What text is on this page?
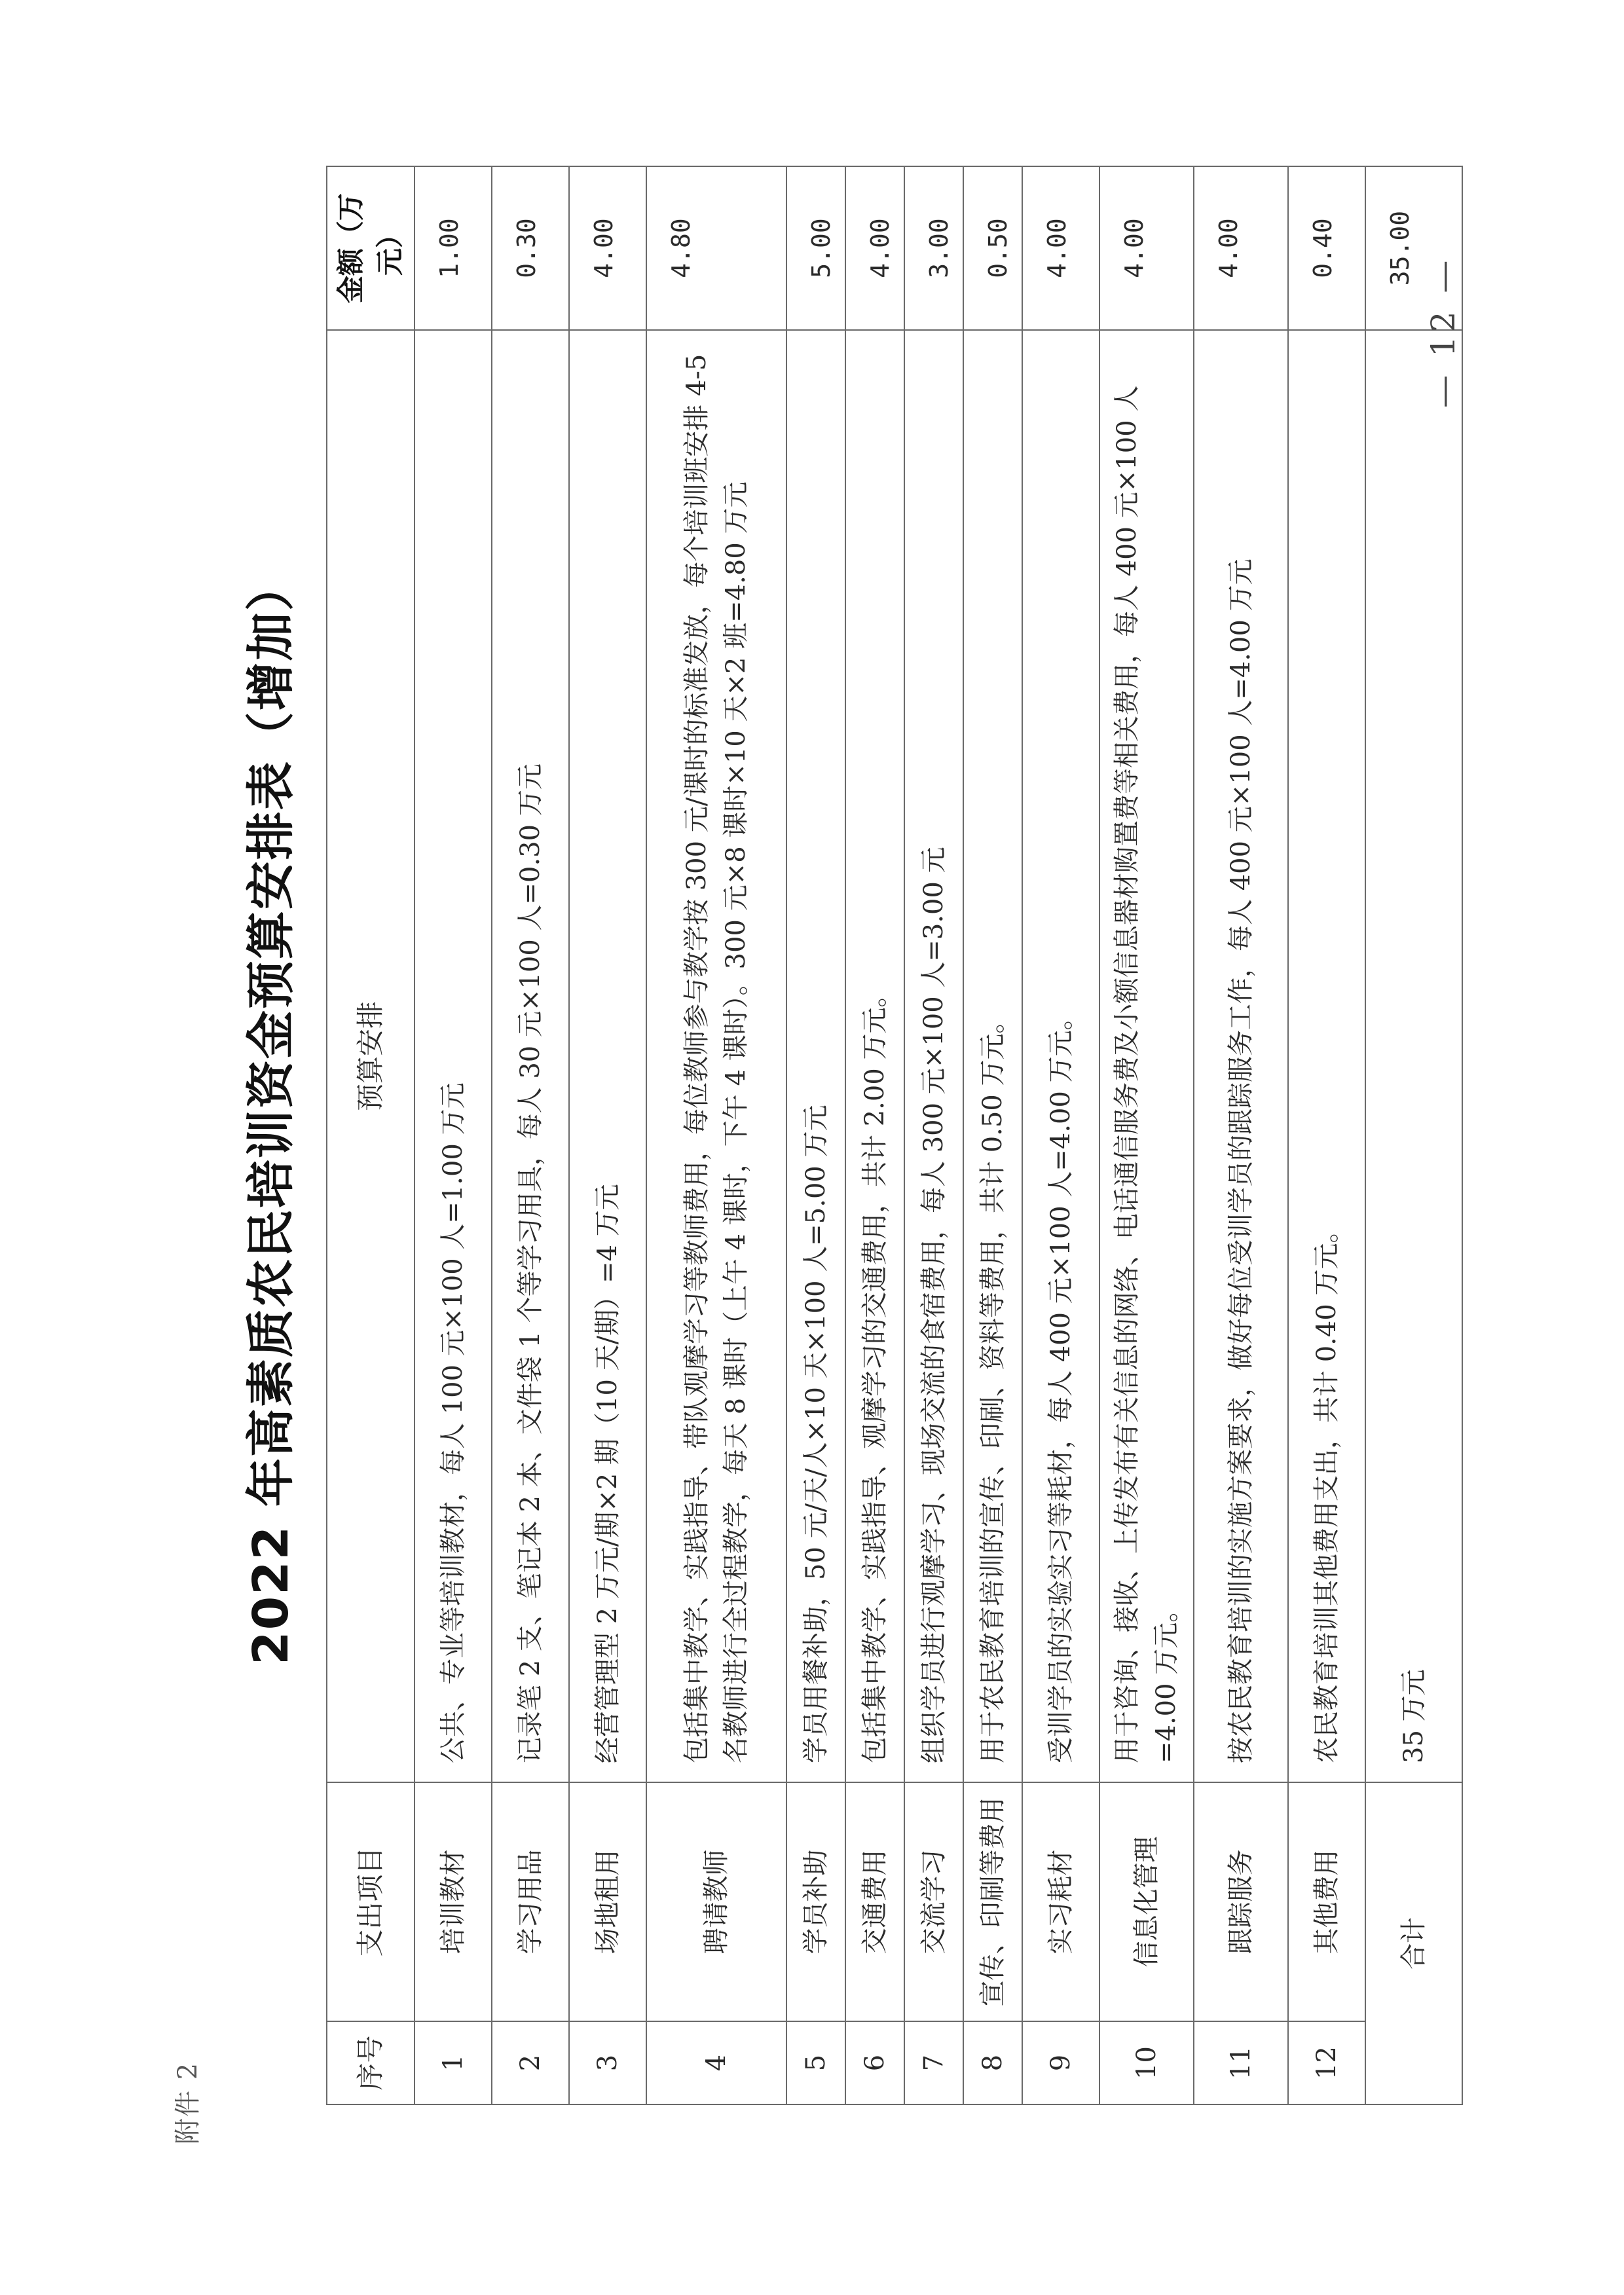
附件 2
2022 年高素质农民培训资金预算安排表（增加）
序号	支出项目	预算安排	金额（万元）
1	培训教材	公共、专业等培训教材，每人 100 元×100 人=1.00 万元	1.00
2	学习用品	记录笔 2 支、笔记本 2 本、文件袋 1 个等学习用具，每人 30 元×100 人=0.30 万元	0.30
3	场地租用	经营管理型 2 万元/期×2 期（10 天/期）=4 万元	4.00
4	聘请教师	包括集中教学、实践指导、带队观摩学习等教师费用，每位教师参与教学按 300 元/课时的标准发放，每个培训班安排 4-5 名教师进行全过程教学，每天 8 课时（上午 4 课时，下午 4 课时）。300 元×8 课时×10 天×2 班=4.80 万元	4.80
5	学员补助	学员用餐补助，50 元/天/人×10 天×100 人=5.00 万元	5.00
6	交通费用	包括集中教学、实践指导、观摩学习的交通费用，共计 2.00 万元。	4.00
7	交流学习	组织学员进行观摩学习、现场交流的食宿费用，每人 300 元×100 人=3.00 元	3.00
8	宣传、印刷等费用	用于农民教育培训的宣传、印刷、资料等费用，共计 0.50 万元。	0.50
9	实习耗材	受训学员的实验实习等耗材，每人 400 元×100 人=4.00 万元。	4.00
10	信息化管理	用于咨询、接收、上传发布有关信息的网络、电话通信服务费及小额信息器材购置费等相关费用，每人 400 元×100 人=4.00 万元。	4.00
11	跟踪服务	按农民教育培训的实施方案要求，做好每位受训学员的跟踪服务工作，每人 400 元×100 人=4.00 万元	4.00
12	其他费用	农民教育培训其他费用支出，共计 0.40 万元。	0.40
合计		35 万元	35.00
— 12 —
